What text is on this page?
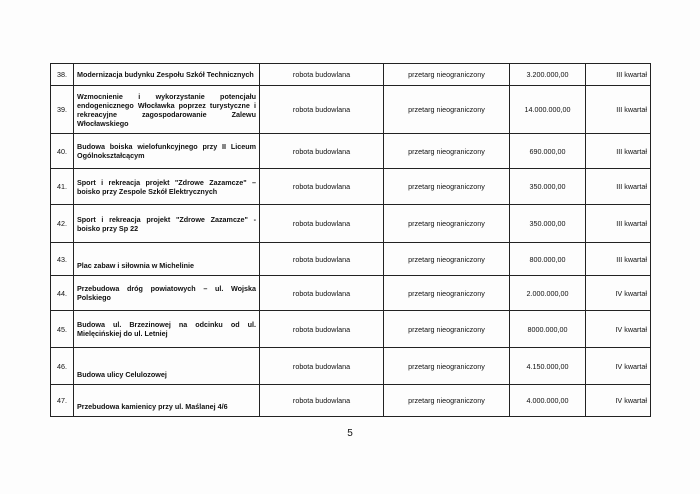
38.	Modernizacja budynku Zespołu Szkół Technicznych	robota budowlana	przetarg nieograniczony	3.200.000,00	III kwartał
39.	Wzmocnienie i wykorzystanie potencjału endogenicznego Włocławka poprzez turystyczne i rekreacyjne zagospodarowanie Zalewu Włocławskiego	robota budowlana	przetarg nieograniczony	14.000.000,00	III kwartał
40.	Budowa boiska wielofunkcyjnego przy II Liceum Ogólnokształcącym	robota budowlana	przetarg nieograniczony	690.000,00	III kwartał
41.	Sport i rekreacja projekt "Zdrowe Zazamcze" – boisko przy Zespole Szkół Elektrycznych	robota budowlana	przetarg nieograniczony	350.000,00	III kwartał
42.	Sport i rekreacja projekt "Zdrowe Zazamcze" - boisko przy Sp 22	robota budowlana	przetarg nieograniczony	350.000,00	III kwartał
43.	Plac zabaw i siłownia w Michelinie	robota budowlana	przetarg nieograniczony	800.000,00	III kwartał
44.	Przebudowa dróg powiatowych – ul. Wojska Polskiego	robota budowlana	przetarg nieograniczony	2.000.000,00	IV kwartał
45.	Budowa ul. Brzezinowej na odcinku od ul. Mielęcińskiej do ul. Letniej	robota budowlana	przetarg nieograniczony	8000.000,00	IV kwartał
46.	Budowa ulicy Celulozowej	robota budowlana	przetarg nieograniczony	4.150.000,00	IV kwartał
47.	Przebudowa kamienicy przy ul. Maślanej 4/6	robota budowlana	przetarg nieograniczony	4.000.000,00	IV kwartał
5
